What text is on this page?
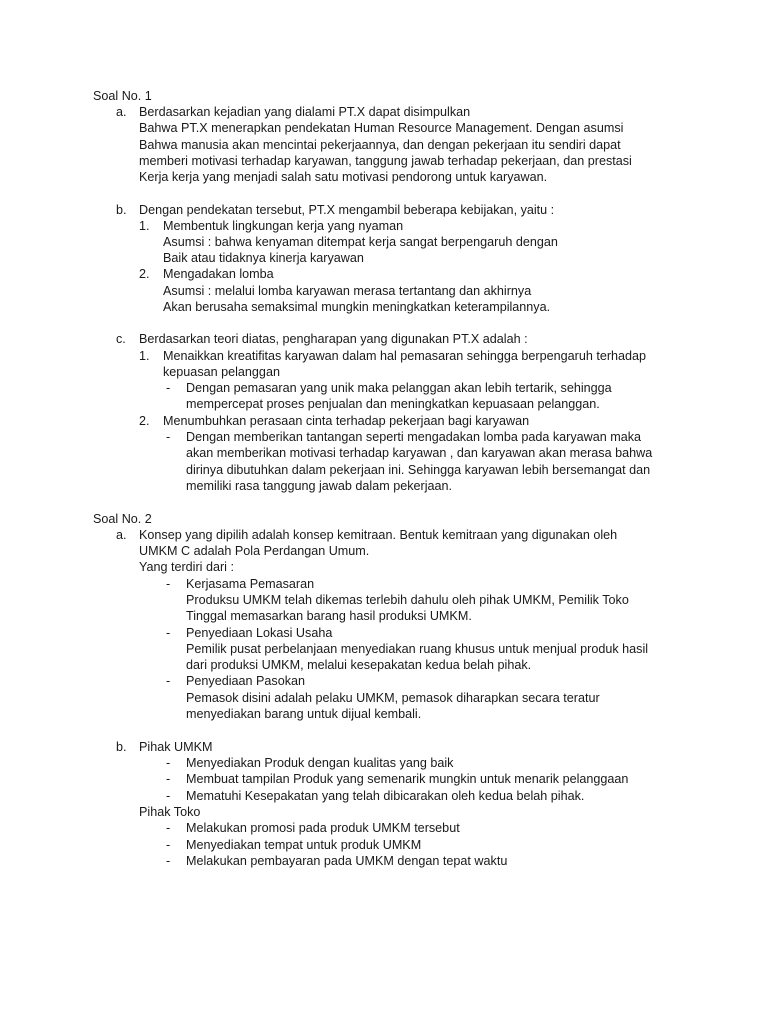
Soal No. 1
a. Berdasarkan kejadian yang dialami PT.X dapat disimpulkan
Bahwa PT.X menerapkan pendekatan Human Resource Management. Dengan asumsi
Bahwa manusia akan mencintai pekerjaannya, dan dengan pekerjaan itu sendiri dapat
memberi motivasi terhadap karyawan, tanggung jawab terhadap pekerjaan, dan prestasi
Kerja kerja yang menjadi salah satu motivasi pendorong untuk karyawan.
b. Dengan pendekatan tersebut, PT.X mengambil beberapa kebijakan, yaitu :
1. Membentuk lingkungan kerja yang nyaman
Asumsi : bahwa kenyaman ditempat kerja sangat berpengaruh dengan
Baik atau tidaknya kinerja karyawan
2. Mengadakan lomba
Asumsi : melalui lomba karyawan merasa tertantang dan akhirnya
Akan berusaha semaksimal mungkin meningkatkan keterampilannya.
c. Berdasarkan teori diatas, pengharapan yang digunakan PT.X adalah :
1. Menaikkan kreatifitas karyawan dalam hal pemasaran sehingga berpengaruh terhadap
kepuasan pelanggan
- Dengan pemasaran yang unik maka pelanggan akan lebih tertarik, sehingga
mempercepat proses penjualan dan meningkatkan kepuasaan pelanggan.
2. Menumbuhkan perasaan cinta terhadap pekerjaan bagi karyawan
- Dengan memberikan tantangan seperti mengadakan lomba pada karyawan maka
akan memberikan motivasi terhadap karyawan , dan karyawan akan merasa bahwa
dirinya dibutuhkan dalam pekerjaan ini. Sehingga karyawan lebih bersemangat dan
memiliki rasa tanggung jawab dalam pekerjaan.
Soal No. 2
a. Konsep yang dipilih adalah konsep kemitraan. Bentuk kemitraan yang digunakan oleh
UMKM C adalah Pola Perdangan Umum.
Yang terdiri dari :
- Kerjasama Pemasaran
Produksu UMKM telah dikemas terlebih dahulu oleh pihak UMKM, Pemilik Toko
Tinggal memasarkan barang hasil produksi UMKM.
- Penyediaan Lokasi Usaha
Pemilik pusat perbelanjaan menyediakan ruang khusus untuk menjual produk hasil
dari produksi UMKM, melalui kesepakatan kedua belah pihak.
- Penyediaan Pasokan
Pemasok disini adalah pelaku UMKM, pemasok diharapkan secara teratur
menyediakan barang untuk dijual kembali.
b. Pihak UMKM
- Menyediakan Produk dengan kualitas yang baik
- Membuat tampilan Produk yang semenarik mungkin untuk menarik pelanggaan
- Mematuhi Kesepakatan yang telah dibicarakan oleh kedua belah pihak.
Pihak Toko
- Melakukan promosi pada produk UMKM tersebut
- Menyediakan tempat untuk produk UMKM
- Melakukan pembayaran pada UMKM dengan tepat waktu
